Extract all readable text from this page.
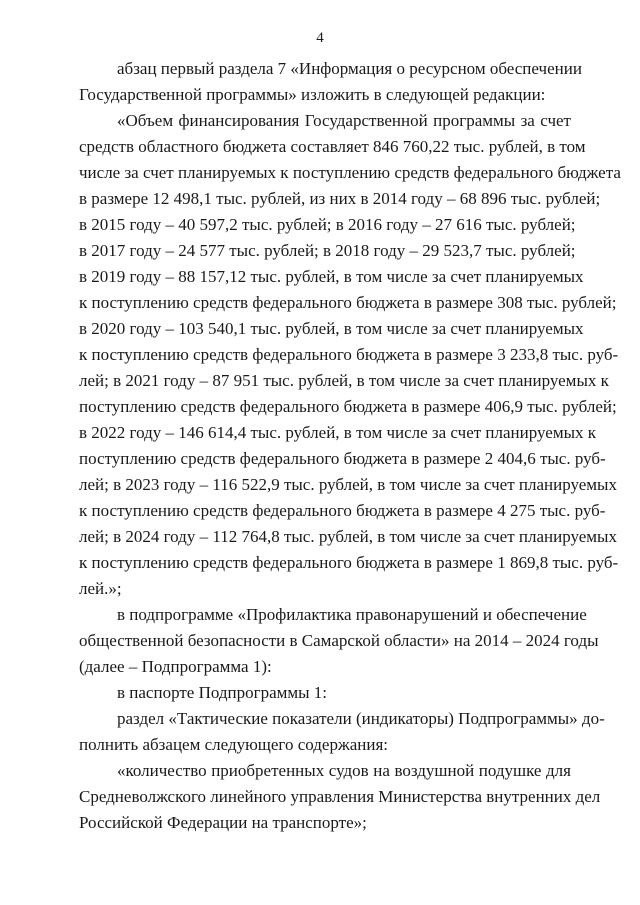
4
абзац первый раздела 7 «Информация о ресурсном обеспечении
Государственной программы» изложить в следующей редакции:
«Объем финансирования Государственной программы за счет
средств областного бюджета составляет 846 760,22 тыс. рублей, в том
числе за счет планируемых к поступлению средств федерального бюджета
в размере 12 498,1 тыс. рублей, из них в 2014 году – 68 896 тыс. рублей;
в 2015 году – 40 597,2 тыс. рублей; в 2016 году – 27 616 тыс. рублей;
в 2017 году – 24 577 тыс. рублей; в 2018 году – 29 523,7 тыс. рублей;
в 2019 году – 88 157,12 тыс. рублей, в том числе за счет планируемых
к поступлению средств федерального бюджета в размере 308 тыс. рублей;
в 2020 году – 103 540,1 тыс. рублей, в том числе за счет планируемых
к поступлению средств федерального бюджета в размере 3 233,8 тыс. руб-
лей; в 2021 году – 87 951 тыс. рублей, в том числе за счет планируемых к
поступлению средств федерального бюджета в размере 406,9 тыс. рублей;
в 2022 году – 146 614,4 тыс. рублей, в том числе за счет планируемых к
поступлению средств федерального бюджета в размере 2 404,6 тыс. руб-
лей; в 2023 году – 116 522,9 тыс. рублей, в том числе за счет планируемых
к поступлению средств федерального бюджета в размере 4 275 тыс. руб-
лей; в 2024 году – 112 764,8 тыс. рублей, в том числе за счет планируемых
к поступлению средств федерального бюджета в размере 1 869,8 тыс. руб-
лей.»;
в подпрограмме «Профилактика правонарушений и обеспечение
общественной безопасности в Самарской области» на 2014 – 2024 годы
(далее – Подпрограмма 1):
в паспорте Подпрограммы 1:
раздел «Тактические показатели (индикаторы) Подпрограммы» до-
полнить абзацем следующего содержания:
«количество приобретенных судов на воздушной подушке для
Средневолжского линейного управления Министерства внутренних дел
Российской Федерации на транспорте»;
